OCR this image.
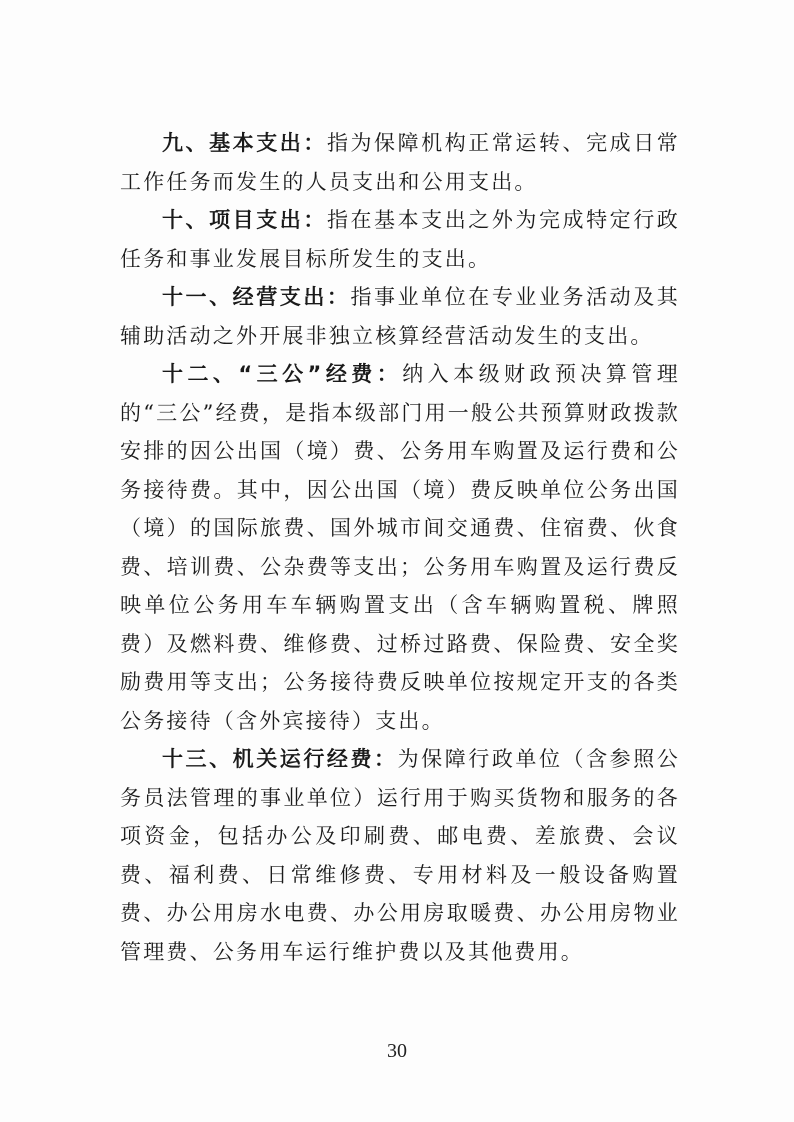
九、基本支出：指为保障机构正常运转、完成日常工作任务而发生的人员支出和公用支出。

十、项目支出：指在基本支出之外为完成特定行政任务和事业发展目标所发生的支出。

十一、经营支出：指事业单位在专业业务活动及其辅助活动之外开展非独立核算经营活动发生的支出。

十二、“三公”经费：纳入本级财政预决算管理的“三公”经费，是指本级部门用一般公共预算财政拨款安排的因公出国（境）费、公务用车购置及运行费和公务接待费。其中，因公出国（境）费反映单位公务出国（境）的国际旅费、国外城市间交通费、住宿费、伙食费、培训费、公杂费等支出；公务用车购置及运行费反映单位公务用车车辆购置支出（含车辆购置税、牌照费）及燃料费、维修费、过桥过路费、保险费、安全奖励费用等支出；公务接待费反映单位按规定开支的各类公务接待（含外宾接待）支出。

十三、机关运行经费：为保障行政单位（含参照公务员法管理的事业单位）运行用于购买货物和服务的各项资金，包括办公及印刷费、邮电费、差旅费、会议费、福利费、日常维修费、专用材料及一般设备购置费、办公用房水电费、办公用房取暖费、办公用房物业管理费、公务用车运行维护费以及其他费用。

30
